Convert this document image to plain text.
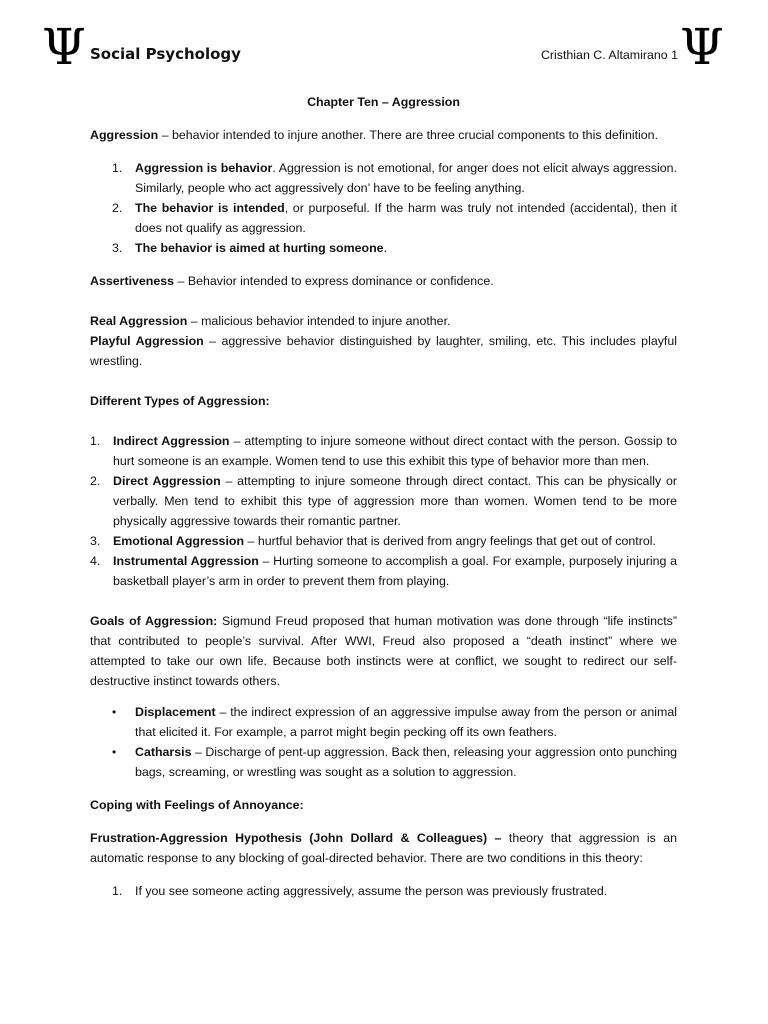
Ψ Social Psychology	Cristhian C. Altamirano 1 Ψ

Chapter Ten – Aggression

Aggression – behavior intended to injure another. There are three crucial components to this definition.

1. Aggression is behavior. Aggression is not emotional, for anger does not elicit always aggression. Similarly, people who act aggressively don’ have to be feeling anything.
2. The behavior is intended, or purposeful. If the harm was truly not intended (accidental), then it does not qualify as aggression.
3. The behavior is aimed at hurting someone.

Assertiveness – Behavior intended to express dominance or confidence.

Real Aggression – malicious behavior intended to injure another.

Playful Aggression – aggressive behavior distinguished by laughter, smiling, etc. This includes playful wrestling.

Different Types of Aggression:

1. Indirect Aggression – attempting to injure someone without direct contact with the person. Gossip to hurt someone is an example. Women tend to use this exhibit this type of behavior more than men.
2. Direct Aggression – attempting to injure someone through direct contact. This can be physically or verbally. Men tend to exhibit this type of aggression more than women. Women tend to be more physically aggressive towards their romantic partner.
3. Emotional Aggression – hurtful behavior that is derived from angry feelings that get out of control.
4. Instrumental Aggression – Hurting someone to accomplish a goal. For example, purposely injuring a basketball player’s arm in order to prevent them from playing.

Goals of Aggression: Sigmund Freud proposed that human motivation was done through “life instincts” that contributed to people’s survival. After WWI, Freud also proposed a “death instinct” where we attempted to take our own life. Because both instincts were at conflict, we sought to redirect our self-destructive instinct towards others.

• Displacement – the indirect expression of an aggressive impulse away from the person or animal that elicited it. For example, a parrot might begin pecking off its own feathers.
• Catharsis – Discharge of pent-up aggression. Back then, releasing your aggression onto punching bags, screaming, or wrestling was sought as a solution to aggression.

Coping with Feelings of Annoyance:

Frustration-Aggression Hypothesis (John Dollard & Colleagues) – theory that aggression is an automatic response to any blocking of goal-directed behavior. There are two conditions in this theory:

1. If you see someone acting aggressively, assume the person was previously frustrated.
